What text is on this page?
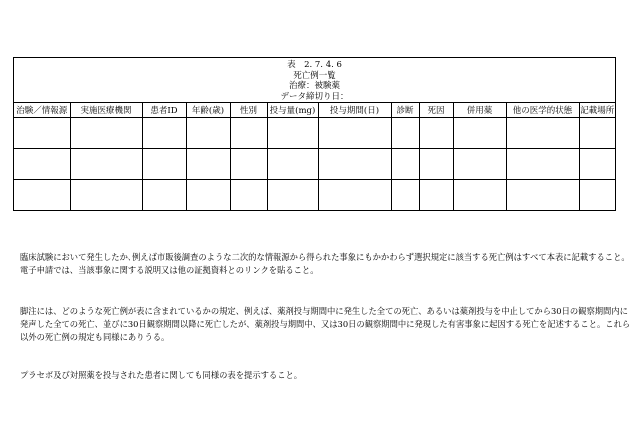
表　2. 7. 4. 6
死亡例一覧
治療：被験薬
データ締切り日：
治験／情報源	実施医療機関	患者ID	年齢(歳)	性別	投与量(mg)	投与期間(日)	診断	死因	併用薬	他の医学的状態	記載場所

臨床試験において発生したか､例えば市販後調査のような二次的な情報源から得られた事象にもかかわらず選択規定に該当する死亡例はすべて本表に記載すること。

電子申請では、当該事象に関する説明又は他の証拠資料とのリンクを貼ること。

脚注には、どのような死亡例が表に含まれているかの規定、例えば、薬剤投与期間中に発生した全ての死亡、あるいは薬剤投与を中止してから30日の観察期間内に

発声した全ての死亡、並びに30日観察期間以降に死亡したが、薬剤投与期間中、又は30日の観察期間中に発現した有害事象に起因する死亡を記述すること。これら

以外の死亡例の規定も同様にありうる。

プラセボ及び対照薬を投与された患者に関しても同様の表を提示すること。
